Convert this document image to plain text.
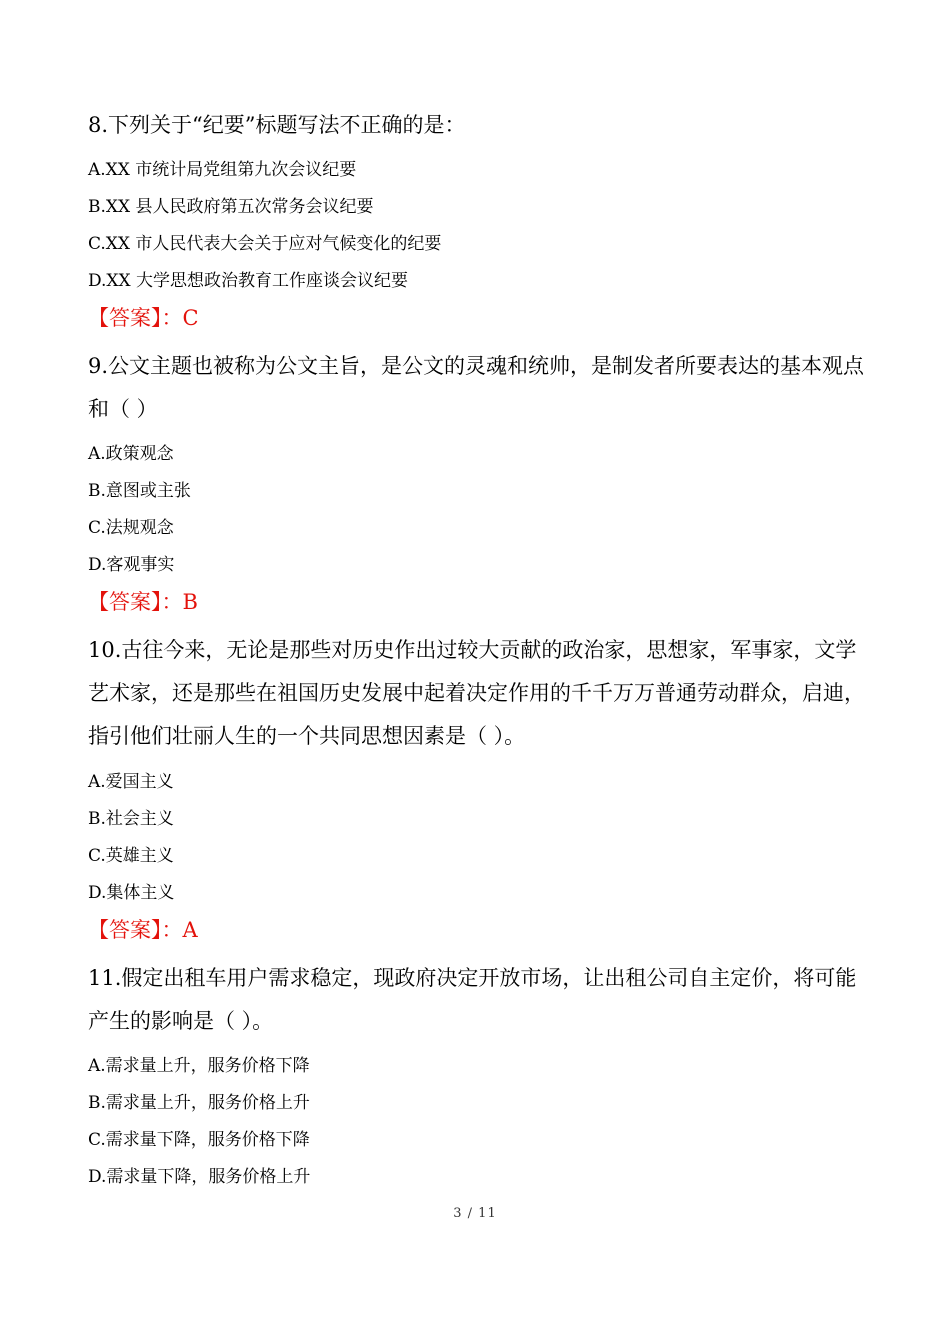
8.下列关于“纪要”标题写法不正确的是：

A.XX 市统计局党组第九次会议纪要

B.XX 县人民政府第五次常务会议纪要

C.XX 市人民代表大会关于应对气候变化的纪要

D.XX 大学思想政治教育工作座谈会议纪要

【答案】：C

9.公文主题也被称为公文主旨，是公文的灵魂和统帅，是制发者所要表达的基本观点和（ ）

A.政策观念

B.意图或主张

C.法规观念

D.客观事实

【答案】：B

10.古往今来，无论是那些对历史作出过较大贡献的政治家，思想家，军事家，文学艺术家，还是那些在祖国历史发展中起着决定作用的千千万万普通劳动群众，启迪，指引他们壮丽人生的一个共同思想因素是（ ）。

A.爱国主义

B.社会主义

C.英雄主义

D.集体主义

【答案】：A

11.假定出租车用户需求稳定，现政府决定开放市场，让出租公司自主定价，将可能产生的影响是（ ）。

A.需求量上升，服务价格下降

B.需求量上升，服务价格上升

C.需求量下降，服务价格下降

D.需求量下降，服务价格上升

3 / 11
